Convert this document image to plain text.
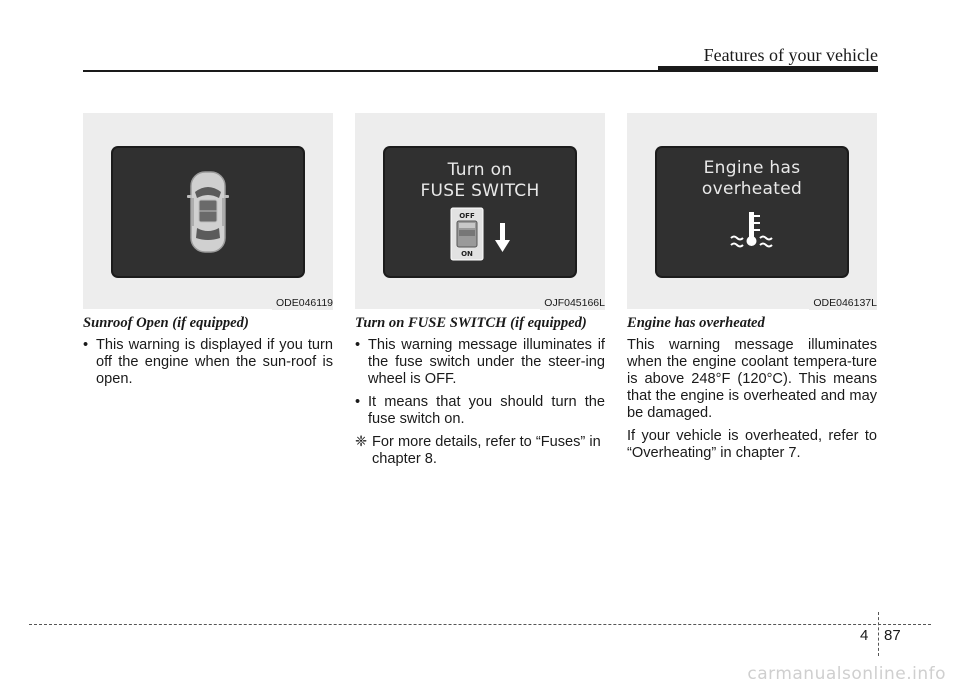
Features of your vehicle
ODE046119

Sunroof Open (if equipped)

• This warning is displayed if you turn off the engine when the sun-roof is open.
Turn on
FUSE SWITCH
OFF
ON
OJF045166L

Turn on FUSE SWITCH (if equipped)

• This warning message illuminates if the fuse switch under the steer-ing wheel is OFF.
• It means that you should turn the fuse switch on.
❈ For more details, refer to “Fuses” in chapter 8.
Engine has
overheated
ODE046137L

Engine has overheated

This warning message illuminates when the engine coolant tempera-ture is above 248°F (120°C). This means that the engine is overheated and may be damaged.

If your vehicle is overheated, refer to “Overheating” in chapter 7.

4 87
carmanualsonline.info
